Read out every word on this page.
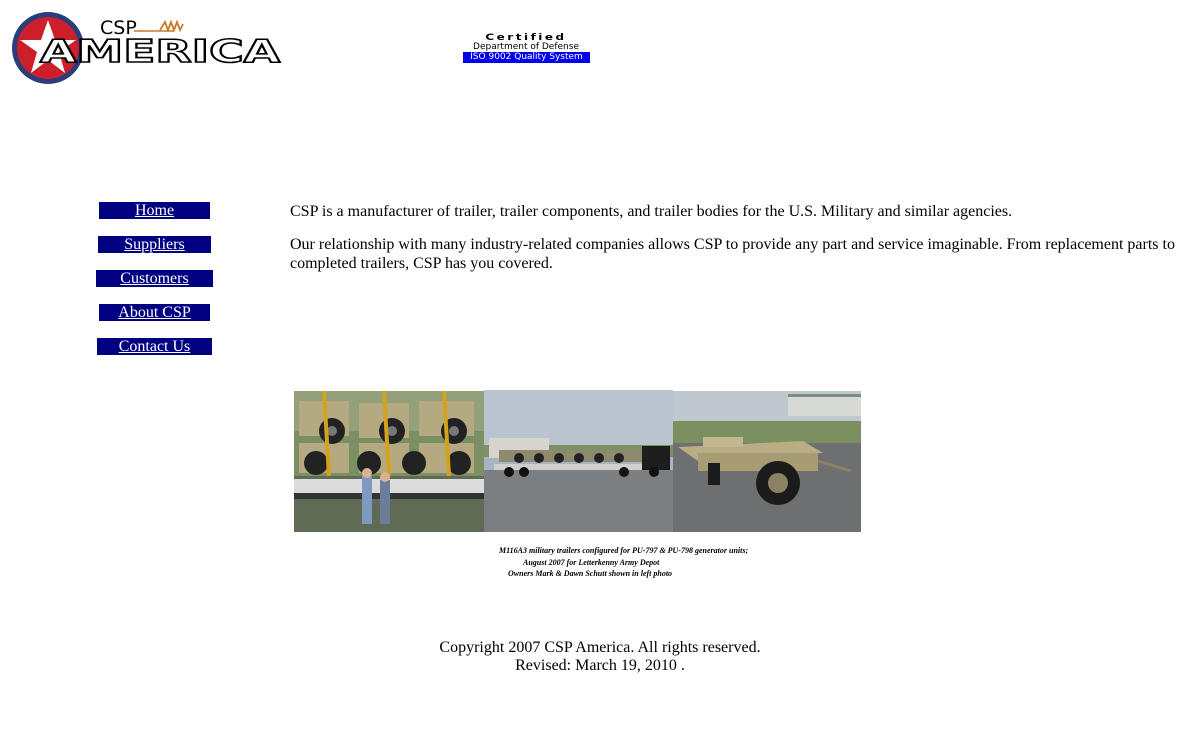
CSP
AMERICA	Certified
Department of Defense
ISO 9002 Quality System
Home
Suppliers
Customers
About CSP
Contact Us

CSP is a manufacturer of trailer, trailer components, and trailer bodies for the U.S. Military and similar agencies.

Our relationship with many industry-related companies allows CSP to provide any part and service imaginable. From replacement parts to completed trailers, CSP has you covered.

M116A3 military trailers configured for PU-797 & PU-798 generator units;
August 2007 for Letterkenny Army Depot
Owners Mark & Dawn Schutt shown in left photo
Copyright 2007 CSP America. All rights reserved.
Revised: March 19, 2010 .
